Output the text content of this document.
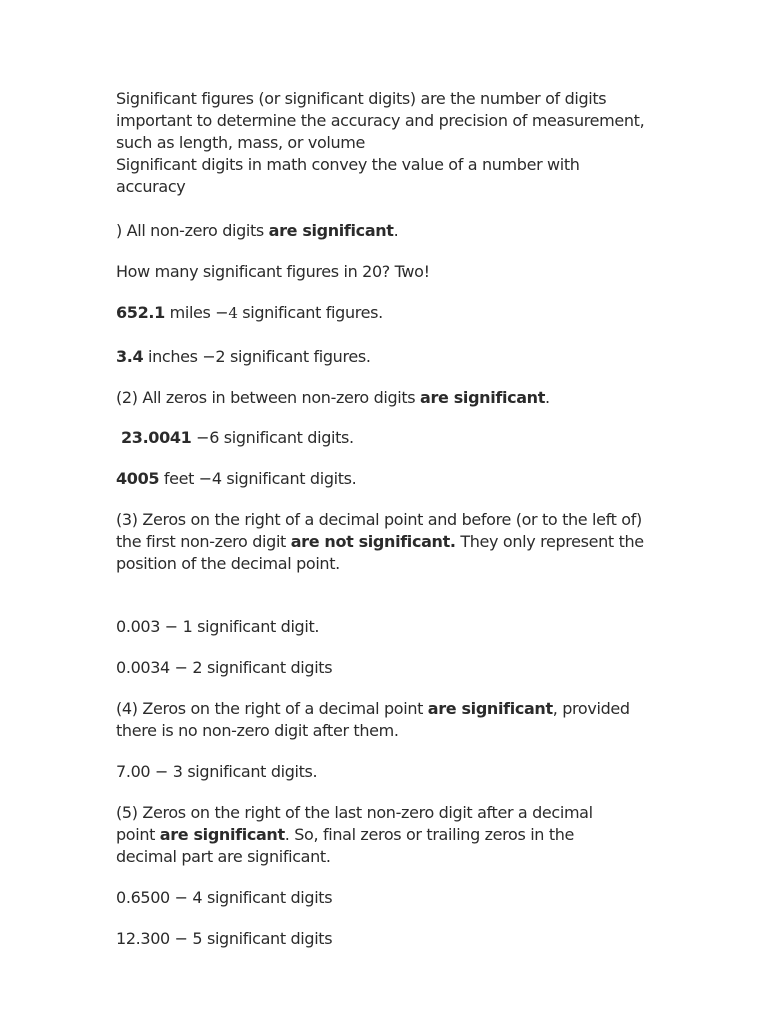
Significant figures (or significant digits) are the number of digits important to determine the accuracy and precision of measurement, such as length, mass, or volume
Significant digits in math convey the value of a number with accuracy

) All non-zero digits are significant.

How many significant figures in 20? Two!

652.1 miles −4 significant figures.

3.4 inches −2 significant figures.

(2) All zeros in between non-zero digits are significant.

23.0041 −6 significant digits.

4005 feet −4 significant digits.

(3) Zeros on the right of a decimal point and before (or to the left of) the first non-zero digit are not significant. They only represent the position of the decimal point.

0.003 − 1 significant digit.

0.0034 − 2 significant digits

(4) Zeros on the right of a decimal point are significant, provided there is no non-zero digit after them.

7.00 − 3 significant digits.

(5) Zeros on the right of the last non-zero digit after a decimal point are significant. So, final zeros or trailing zeros in the decimal part are significant.

0.6500 − 4 significant digits

12.300 − 5 significant digits
